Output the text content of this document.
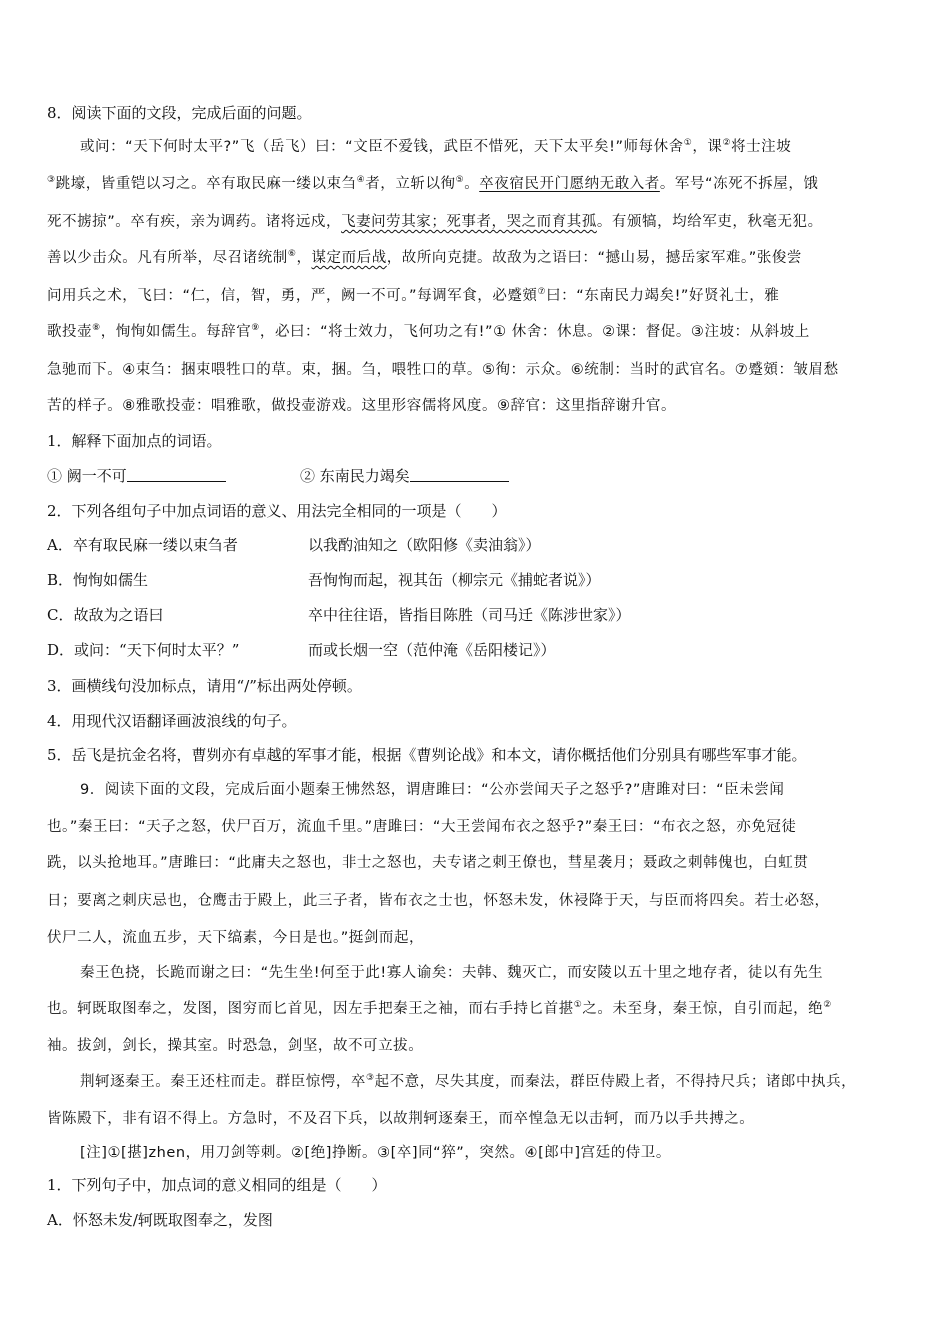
8．阅读下面的文段，完成后面的问题。
或问：“天下何时太平?”飞（岳飞）曰：“文臣不爱钱，武臣不惜死，天下太平矣!”师每休舍①，课②将士注坡
③跳壕，皆重铠以习之。卒有取民麻一缕以束刍④者，立斩以徇⑤。卒夜宿民开门愿纳无敢入者。军号“冻死不拆屋，饿
死不掳掠”。卒有疾，亲为调药。诸将远戍，飞妻问劳其家；死事者，哭之而育其孤。有颁犒，均给军吏，秋毫无犯。
善以少击众。凡有所举，尽召诸统制⑥，谋定而后战，故所向克捷。故敌为之语曰：“撼山易，撼岳家军难。”张俊尝
问用兵之术，飞曰：“仁，信，智，勇，严，阙一不可。”每调军食，必蹙頞⑦曰：“东南民力竭矣!”好贤礼士，雅
歌投壶⑧，恂恂如儒生。每辞官⑨，必曰：“将士效力，飞何功之有!”① 休舍：休息。②课：督促。③注坡：从斜坡上
急驰而下。④束刍：捆束喂牲口的草。束，捆。刍，喂牲口的草。⑤徇：示众。⑥统制：当时的武官名。⑦蹙頞：皱眉愁
苦的样子。⑧雅歌投壶：唱雅歌，做投壶游戏。这里形容儒将风度。⑨辞官：这里指辞谢升官。
1．解释下面加点的词语。
① 阙一不可	② 东南民力竭矣
2．下列各组句子中加点词语的意义、用法完全相同的一项是（　　）
A．卒有取民麻一缕以束刍者	以我酌油知之（欧阳修《卖油翁》）
B．恂恂如儒生	吾恂恂而起，视其缶（柳宗元《捕蛇者说》）
C．故敌为之语曰	卒中往往语，皆指目陈胜（司马迁《陈涉世家》）
D．或问：“天下何时太平？”	而或长烟一空（范仲淹《岳阳楼记》）
3．画横线句没加标点，请用“/”标出两处停顿。
4．用现代汉语翻译画波浪线的句子。
5．岳飞是抗金名将，曹刿亦有卓越的军事才能，根据《曹刿论战》和本文，请你概括他们分别具有哪些军事才能。
9．阅读下面的文段，完成后面小题秦王怫然怒，谓唐雎曰：“公亦尝闻天子之怒乎?”唐雎对曰：“臣未尝闻
也。”秦王曰：“天子之怒，伏尸百万，流血千里。”唐雎曰：“大王尝闻布衣之怒乎?”秦王曰：“布衣之怒，亦免冠徒
跣，以头抢地耳。”唐雎曰：“此庸夫之怒也，非士之怒也，夫专诸之刺王僚也，彗星袭月；聂政之刺韩傀也，白虹贯
日；要离之刺庆忌也，仓鹰击于殿上，此三子者，皆布衣之士也，怀怒未发，休祲降于天，与臣而将四矣。若士必怒，
伏尸二人，流血五步，天下缟素，今日是也。”挺剑而起，
秦王色挠，长跪而谢之曰：“先生坐!何至于此!寡人谕矣：夫韩、魏灭亡，而安陵以五十里之地存者，徒以有先生
也。轲既取图奉之，发图，图穷而匕首见，因左手把秦王之袖，而右手持匕首揕①之。未至身，秦王惊，自引而起，绝②
袖。拔剑，剑长，操其室。时恐急，剑坚，故不可立拔。
荆轲逐秦王。秦王还柱而走。群臣惊愕，卒③起不意，尽失其度，而秦法，群臣侍殿上者，不得持尺兵；诸郎中执兵，
皆陈殿下，非有诏不得上。方急时，不及召下兵，以故荆轲逐秦王，而卒惶急无以击轲，而乃以手共搏之。
[注]①[揕]zhen，用刀剑等刺。②[绝]挣断。③[卒]同“猝”，突然。④[郎中]宫廷的侍卫。
1．下列句子中，加点词的意义相同的组是（　　）
A．怀怒未发/轲既取图奉之，发图
